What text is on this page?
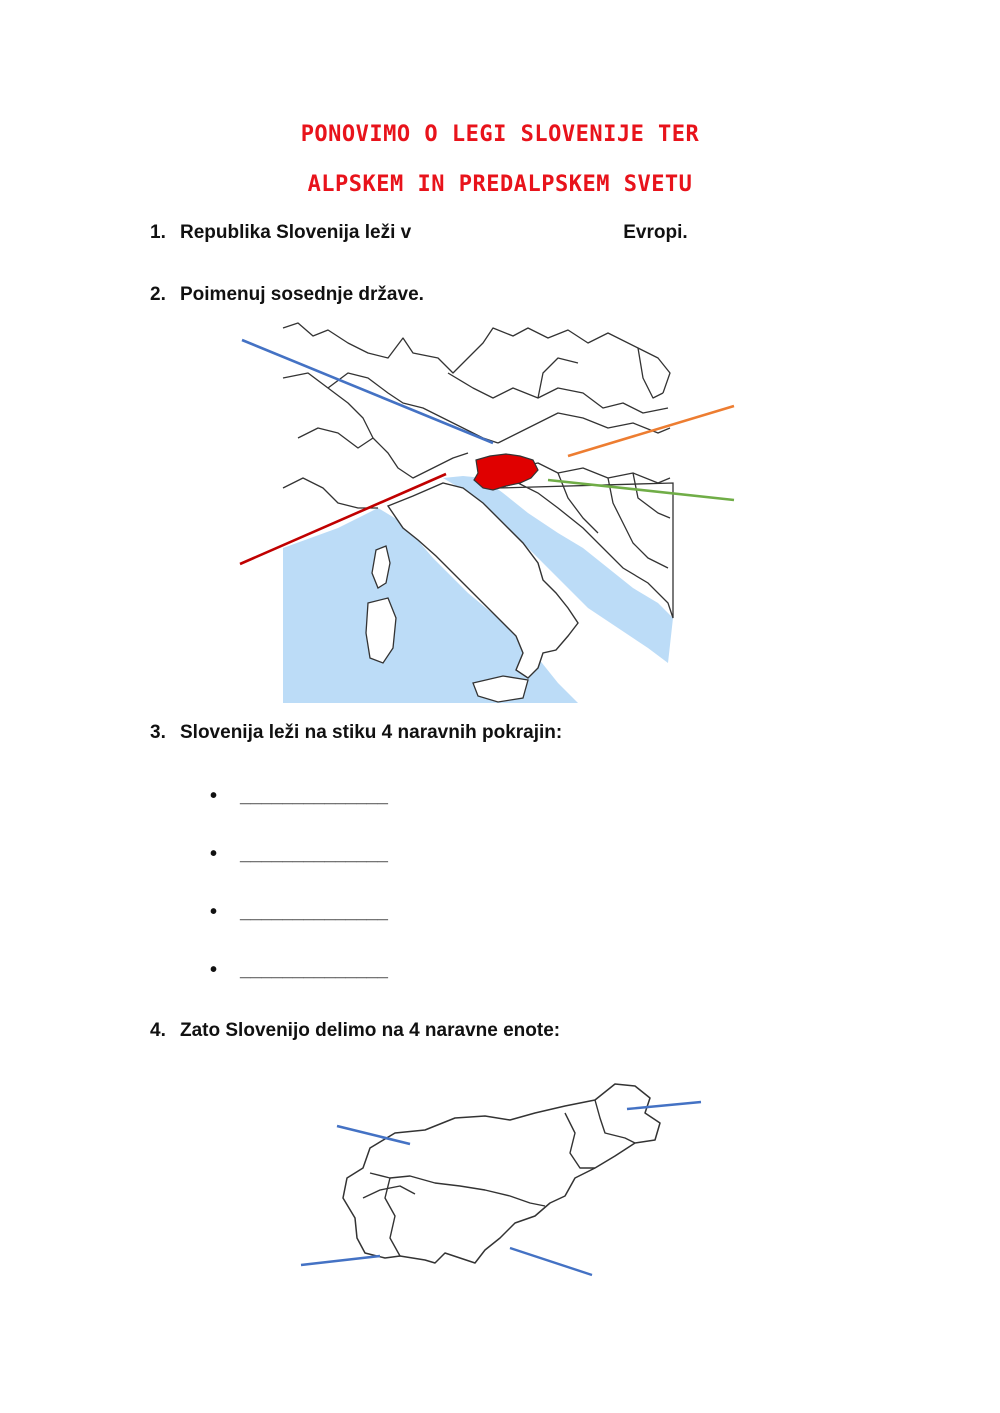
PONOVIMO O LEGI SLOVENIJE TER
ALPSKEM IN PREDALPSKEM SVETU
1. Republika Slovenija leži v	Evropi.
2. Poimenuj sosednje države.
3. Slovenija leži na stiku 4 naravnih pokrajin:
• ______________
• ______________
• ______________
• ______________
4. Zato Slovenijo delimo na 4 naravne enote:
